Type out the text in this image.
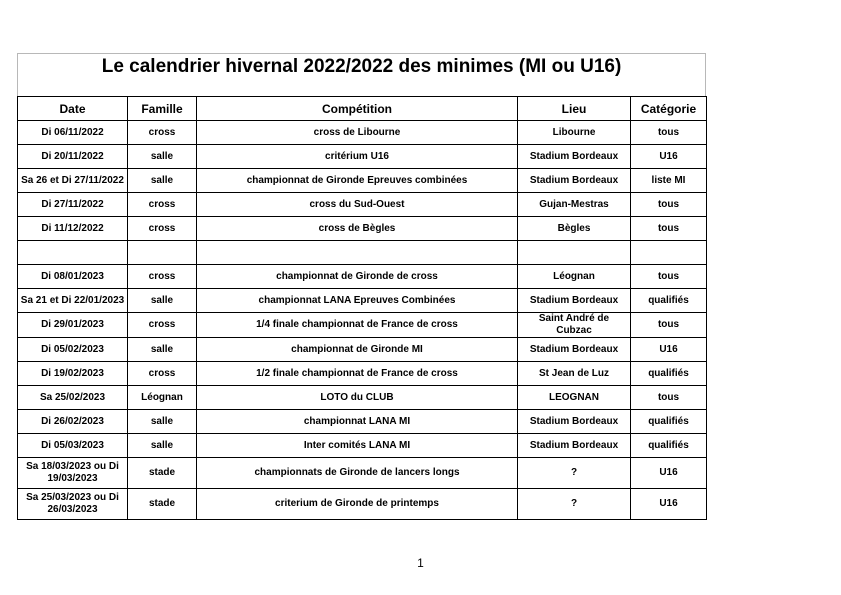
Le calendrier hivernal 2022/2022 des minimes (MI ou U16)
Date	Famille	Compétition	Lieu	Catégorie
Di 06/11/2022	cross	cross de Libourne	Libourne	tous
Di 20/11/2022	salle	critérium U16	Stadium Bordeaux	U16
Sa 26 et Di 27/11/2022	salle	championnat de Gironde Epreuves combinées	Stadium Bordeaux	liste MI
Di 27/11/2022	cross	cross du Sud-Ouest	Gujan-Mestras	tous
Di 11/12/2022	cross	cross de Bègles	Bègles	tous

Di 08/01/2023	cross	championnat de Gironde de cross	Léognan	tous
Sa 21 et Di 22/01/2023	salle	championnat LANA Epreuves Combinées	Stadium Bordeaux	qualifiés
Di 29/01/2023	cross	1/4 finale championnat de France de cross	Saint André de Cubzac	tous
Di 05/02/2023	salle	championnat de Gironde MI	Stadium Bordeaux	U16
Di 19/02/2023	cross	1/2 finale championnat de France de cross	St Jean de Luz	qualifiés
Sa 25/02/2023	Léognan	LOTO du CLUB	LEOGNAN	tous
Di 26/02/2023	salle	championnat LANA MI	Stadium Bordeaux	qualifiés
Di 05/03/2023	salle	Inter comités LANA MI	Stadium Bordeaux	qualifiés
Sa 18/03/2023 ou Di 19/03/2023	stade	championnats de Gironde de lancers longs	?	U16
Sa 25/03/2023 ou Di 26/03/2023	stade	criterium de Gironde de printemps	?	U16
1
